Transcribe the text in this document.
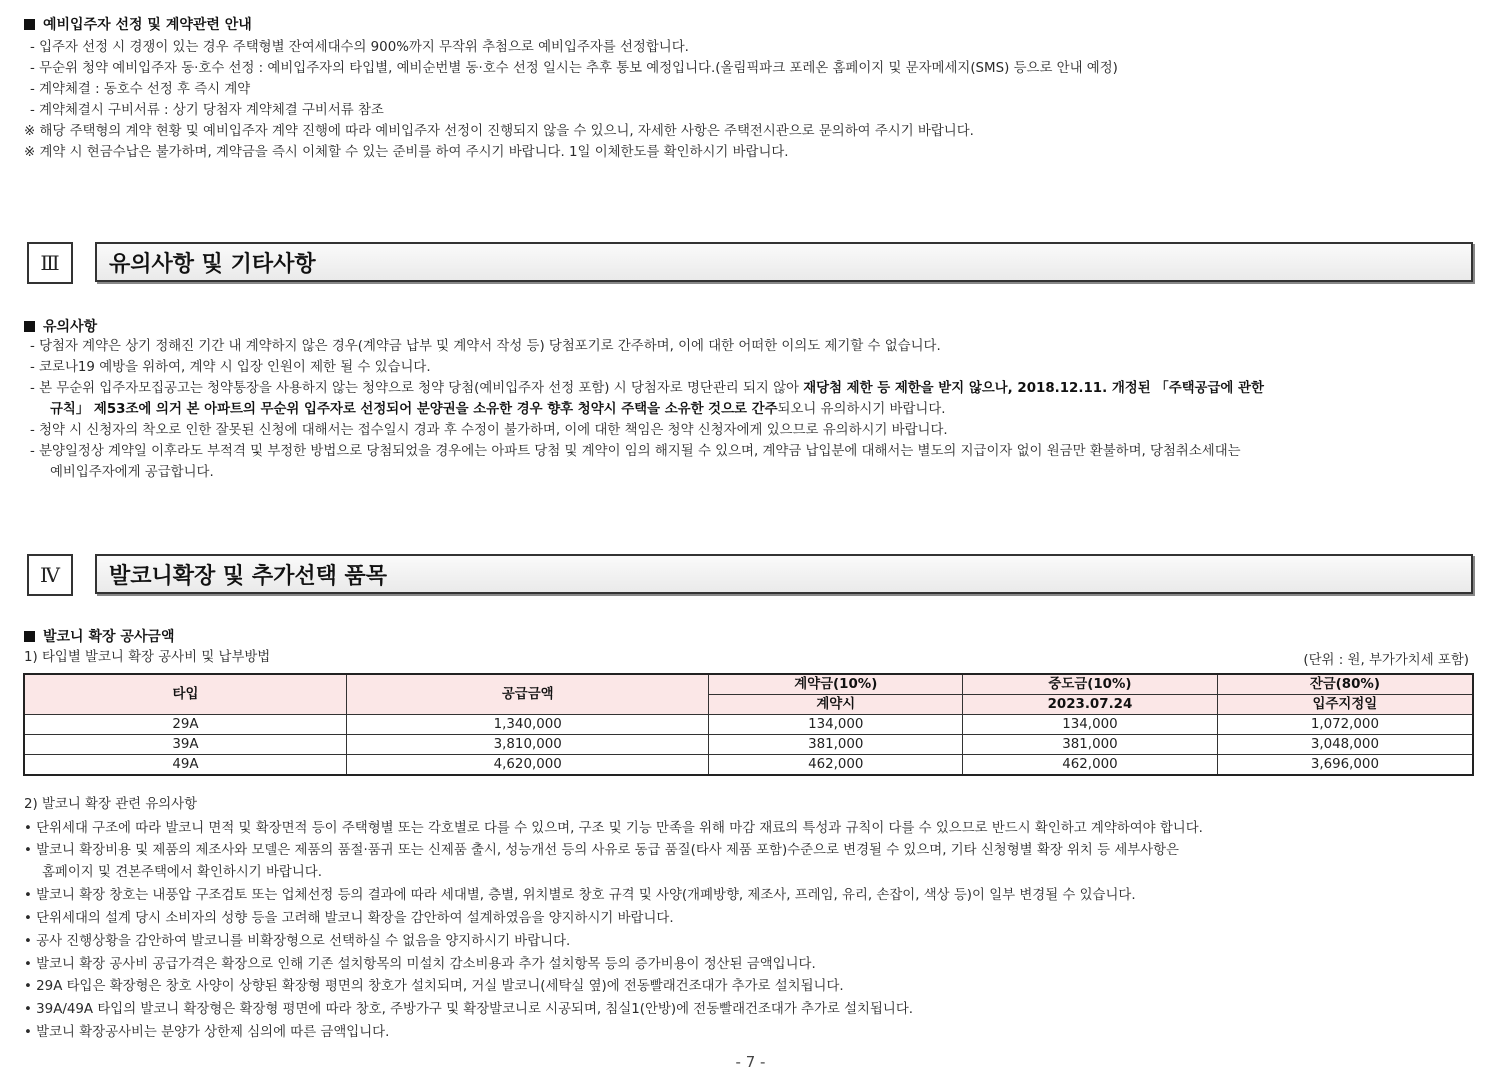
예비입주자 선정 및 계약관련 안내
- 입주자 선정 시 경쟁이 있는 경우 주택형별 잔여세대수의 900%까지 무작위 추첨으로 예비입주자를 선정합니다.
- 무순위 청약 예비입주자 동·호수 선정 : 예비입주자의 타입별, 예비순번별 동·호수 선정 일시는 추후 통보 예정입니다.(올림픽파크 포레온 홈페이지 및 문자메세지(SMS) 등으로 안내 예정)
- 계약체결 : 동호수 선정 후 즉시 계약
- 계약체결시 구비서류 : 상기 당첨자 계약체결 구비서류 참조
※ 해당 주택형의 계약 현황 및 예비입주자 계약 진행에 따라 예비입주자 선정이 진행되지 않을 수 있으니, 자세한 사항은 주택전시관으로 문의하여 주시기 바랍니다.
※ 계약 시 현금수납은 불가하며, 계약금을 즉시 이체할 수 있는 준비를 하여 주시기 바랍니다. 1일 이체한도를 확인하시기 바랍니다.
Ⅲ	유의사항 및 기타사항
유의사항
- 당첨자 계약은 상기 정해진 기간 내 계약하지 않은 경우(계약금 납부 및 계약서 작성 등) 당첨포기로 간주하며, 이에 대한 어떠한 이의도 제기할 수 없습니다.
- 코로나19 예방을 위하여, 계약 시 입장 인원이 제한 될 수 있습니다.
- 본 무순위 입주자모집공고는 청약통장을 사용하지 않는 청약으로 청약 당첨(예비입주자 선정 포함) 시 당첨자로 명단관리 되지 않아 재당첨 제한 등 제한을 받지 않으나, 2018.12.11. 개정된 「주택공급에 관한
규칙」 제53조에 의거 본 아파트의 무순위 입주자로 선정되어 분양권을 소유한 경우 향후 청약시 주택을 소유한 것으로 간주되오니 유의하시기 바랍니다.
- 청약 시 신청자의 착오로 인한 잘못된 신청에 대해서는 접수일시 경과 후 수정이 불가하며, 이에 대한 책임은 청약 신청자에게 있으므로 유의하시기 바랍니다.
- 분양일정상 계약일 이후라도 부적격 및 부정한 방법으로 당첨되었을 경우에는 아파트 당첨 및 계약이 임의 해지될 수 있으며, 계약금 납입분에 대해서는 별도의 지급이자 없이 원금만 환불하며, 당첨취소세대는
예비입주자에게 공급합니다.
Ⅳ	발코니확장 및 추가선택 품목
발코니 확장 공사금액
1) 타입별 발코니 확장 공사비 및 납부방법	(단위 : 원, 부가가치세 포함)
타입	공급금액	계약금(10%)	중도금(10%)	잔금(80%)
		계약시	2023.07.24	입주지정일
29A	1,340,000	134,000	134,000	1,072,000
39A	3,810,000	381,000	381,000	3,048,000
49A	4,620,000	462,000	462,000	3,696,000
2) 발코니 확장 관련 유의사항
• 단위세대 구조에 따라 발코니 면적 및 확장면적 등이 주택형별 또는 각호별로 다를 수 있으며, 구조 및 기능 만족을 위해 마감 재료의 특성과 규칙이 다를 수 있으므로 반드시 확인하고 계약하여야 합니다.
• 발코니 확장비용 및 제품의 제조사와 모델은 제품의 품절·품귀 또는 신제품 출시, 성능개선 등의 사유로 동급 품질(타사 제품 포함)수준으로 변경될 수 있으며, 기타 신청형별 확장 위치 등 세부사항은
홈페이지 및 견본주택에서 확인하시기 바랍니다.
• 발코니 확장 창호는 내풍압 구조검토 또는 업체선정 등의 결과에 따라 세대별, 층별, 위치별로 창호 규격 및 사양(개폐방향, 제조사, 프레임, 유리, 손잡이, 색상 등)이 일부 변경될 수 있습니다.
• 단위세대의 설계 당시 소비자의 성향 등을 고려해 발코니 확장을 감안하여 설계하였음을 양지하시기 바랍니다.
• 공사 진행상황을 감안하여 발코니를 비확장형으로 선택하실 수 없음을 양지하시기 바랍니다.
• 발코니 확장 공사비 공급가격은 확장으로 인해 기존 설치항목의 미설치 감소비용과 추가 설치항목 등의 증가비용이 정산된 금액입니다.
• 29A 타입은 확장형은 창호 사양이 상향된 확장형 평면의 창호가 설치되며, 거실 발코니(세탁실 옆)에 전동빨래건조대가 추가로 설치됩니다.
• 39A/49A 타입의 발코니 확장형은 확장형 평면에 따라 창호, 주방가구 및 확장발코니로 시공되며, 침실1(안방)에 전동빨래건조대가 추가로 설치됩니다.
• 발코니 확장공사비는 분양가 상한제 심의에 따른 금액입니다.
- 7 -
